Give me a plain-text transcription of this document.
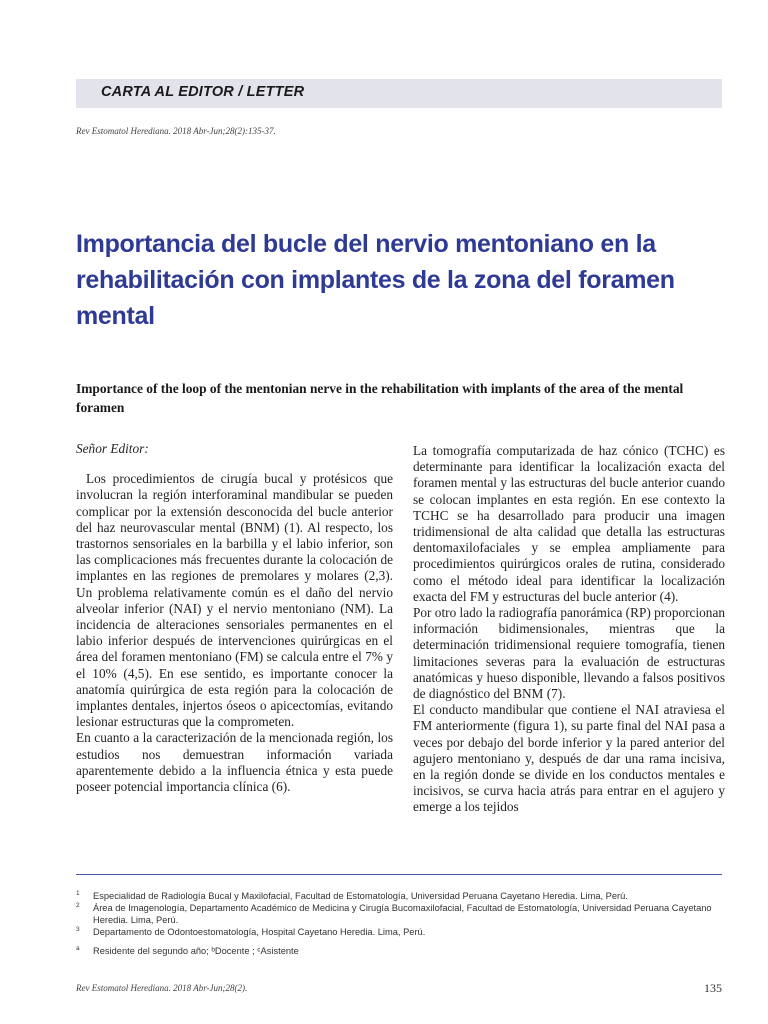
CARTA AL EDITOR / LETTER
Rev Estomatol Herediana. 2018 Abr-Jun;28(2):135-37.
Importancia del bucle del nervio mentoniano en la rehabilitación con implantes de la zona del foramen mental
Importance of the loop of the mentonian nerve in the rehabilitation with implants of the area of the mental foramen

Señor Editor:

Los procedimientos de cirugía bucal y protésicos que involucran la región interforaminal mandibular se pueden complicar por la extensión desconocida del bucle anterior del haz neurovascular mental (BNM) (1). Al respecto, los trastornos sensoriales en la barbilla y el labio inferior, son las complicaciones más frecuentes durante la colocación de implantes en las regiones de premolares y molares (2,3). Un problema relativamente común es el daño del nervio alveolar inferior (NAI) y el nervio mentoniano (NM). La incidencia de alteraciones sensoriales permanentes en el labio inferior después de intervenciones quirúrgicas en el área del foramen mentoniano (FM) se calcula entre el 7% y el 10% (4,5). En ese sentido, es importante conocer la anatomía quirúrgica de esta región para la colocación de implantes dentales, injertos óseos o apicectomías, evitando lesionar estructuras que la comprometen.

En cuanto a la caracterización de la mencionada región, los estudios nos demuestran información variada aparentemente debido a la influencia étnica y esta puede poseer potencial importancia clínica (6).

La tomografía computarizada de haz cónico (TCHC) es determinante para identificar la localización exacta del foramen mental y las estructuras del bucle anterior cuando se colocan implantes en esta región. En ese contexto la TCHC se ha desarrollado para producir una imagen tridimensional de alta calidad que detalla las estructuras dentomaxilofaciales y se emplea ampliamente para procedimientos quirúrgicos orales de rutina, considerado como el método ideal para identificar la localización exacta del FM y estructuras del bucle anterior (4).

Por otro lado la radiografía panorámica (RP) proporcionan información bidimensionales, mientras que la determinación tridimensional requiere tomografía, tienen limitaciones severas para la evaluación de estructuras anatómicas y hueso disponible, llevando a falsos positivos de diagnóstico del BNM (7).

El conducto mandibular que contiene el NAI atraviesa el FM anteriormente (figura 1), su parte final del NAI pasa a veces por debajo del borde inferior y la pared anterior del agujero mentoniano y, después de dar una rama incisiva, en la región donde se divide en los conductos mentales e incisivos, se curva hacia atrás para entrar en el agujero y emerge a los tejidos

1 Especialidad de Radiología Bucal y Maxilofacial, Facultad de Estomatología, Universidad Peruana Cayetano Heredia. Lima, Perú.
2 Área de Imagenología, Departamento Académico de Medicina y Cirugía Bucomaxilofacial, Facultad de Estomatología, Universidad Peruana Cayetano Heredia. Lima, Perú.
3 Departamento de Odontoestomatología, Hospital Cayetano Heredia. Lima, Perú.
a Residente del segundo año; ᵇDocente ; ᶜAsistente
Rev Estomatol Herediana. 2018 Abr-Jun;28(2).	135
